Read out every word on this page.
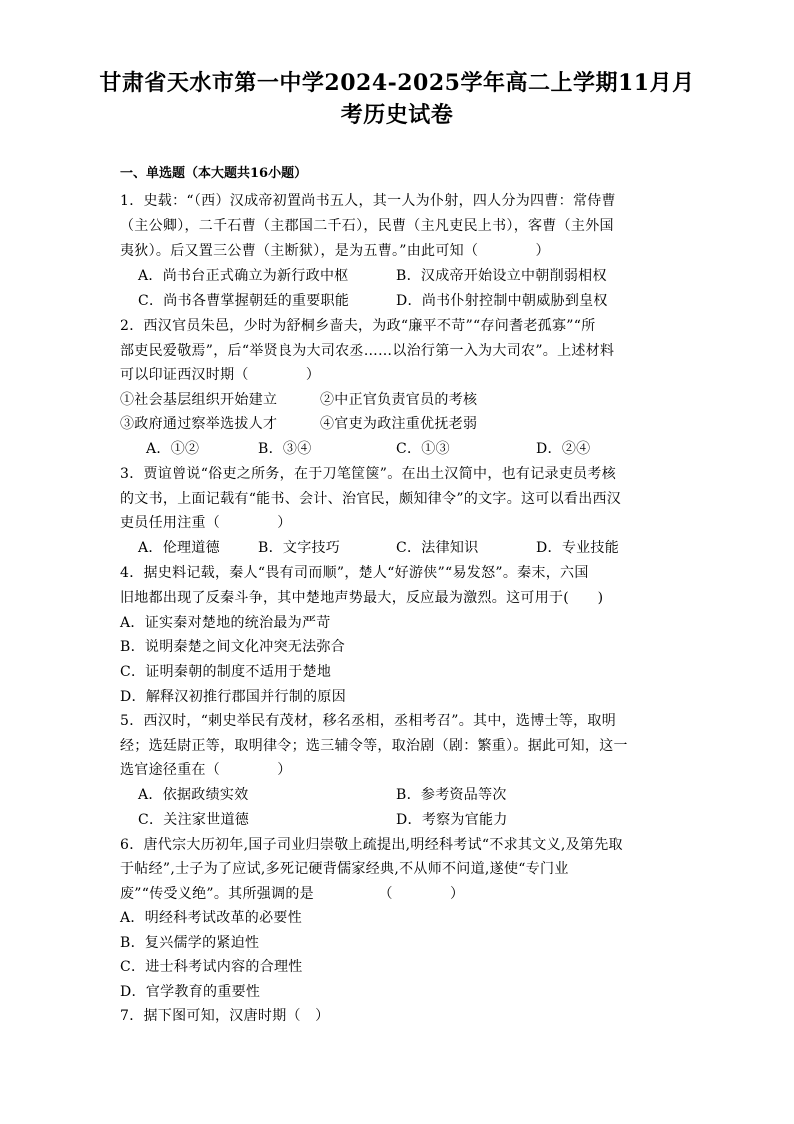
甘肃省天水市第一中学2024-2025学年高二上学期11月月
考历史试卷
一、单选题（本大题共16小题）
1．史载：“（西）汉成帝初置尚书五人，其一人为仆射，四人分为四曹：常侍曹
（主公卿），二千石曹（主郡国二千石），民曹（主凡吏民上书），客曹（主外国
夷狄）。后又置三公曹（主断狱），是为五曹。”由此可知（　　　　）
A．尚书台正式确立为新行政中枢	B．汉成帝开始设立中朝削弱相权
C．尚书各曹掌握朝廷的重要职能	D．尚书仆射控制中朝威胁到皇权
2．西汉官员朱邑，少时为舒桐乡啬夫，为政“廉平不苛”“存问耆老孤寡”“所
部吏民爱敬焉”，后“举贤良为大司农丞……以治行第一入为大司农”。上述材料
可以印证西汉时期（　　　　）
①社会基层组织开始建立	②中正官负责官员的考核
③政府通过察举选拔人才	④官吏为政注重优抚老弱
A．①②	B．③④	C．①③	D．②④
3．贾谊曾说“俗吏之所务，在于刀笔筐箧”。在出土汉简中，也有记录吏员考核
的文书，上面记载有“能书、会计、治官民，颇知律令”的文字。这可以看出西汉
吏员任用注重（　　　　）
A．伦理道德	B．文字技巧	C．法律知识	D．专业技能
4．据史料记载，秦人“畏有司而顺”，楚人“好游侠”“易发怒”。秦末，六国
旧地都出现了反秦斗争，其中楚地声势最大，反应最为激烈。这可用于(　　)
A．证实秦对楚地的统治最为严苛
B．说明秦楚之间文化冲突无法弥合
C．证明秦朝的制度不适用于楚地
D．解释汉初推行郡国并行制的原因
5．西汉时，“刺史举民有茂材，移名丞相，丞相考召”。其中，选博士等，取明
经；选廷尉正等，取明律令；选三辅令等，取治剧（剧：繁重）。据此可知，这一
选官途径重在（　　　　）
A．依据政绩实效	B．参考资品等次
C．关注家世道德	D．考察为官能力
6．唐代宗大历初年,国子司业归崇敬上疏提出,明经科考试“不求其文义,及第先取
于帖经”,士子为了应试,多死记硬背儒家经典,不从师不问道,遂使“专门业
废”“传受义绝”。其所强调的是　　　　　（　　　　）
A．明经科考试改革的必要性
B．复兴儒学的紧迫性
C．进士科考试内容的合理性
D．官学教育的重要性
7．据下图可知，汉唐时期（　）
